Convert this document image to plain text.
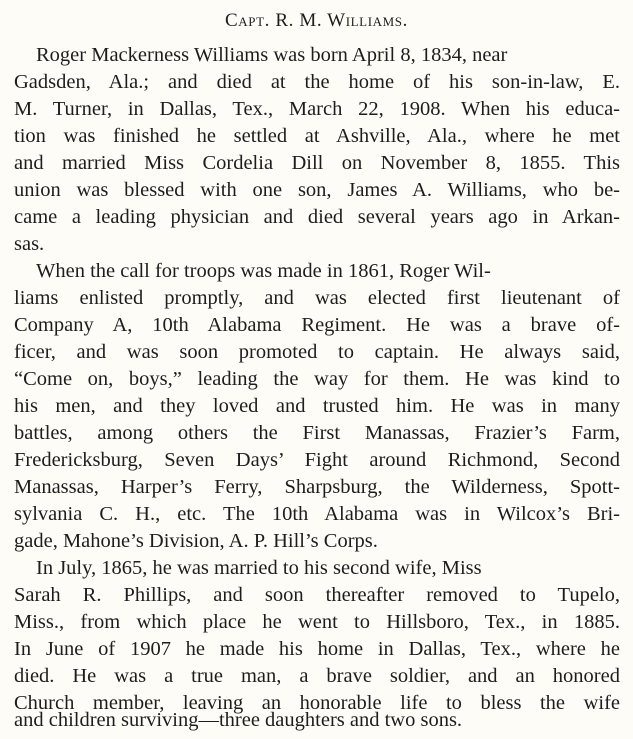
Capt. R. M. Williams.
Roger Mackerness Williams was born April 8, 1834, near
Gadsden, Ala.; and died at the home of his son-in-law, E.
M. Turner, in Dallas, Tex., March 22, 1908. When his educa-
tion was finished he settled at Ashville, Ala., where he met
and married Miss Cordelia Dill on November 8, 1855. This
union was blessed with one son, James A. Williams, who be-
came a leading physician and died several years ago in Arkan-
sas.
When the call for troops was made in 1861, Roger Wil-
liams enlisted promptly, and was elected first lieutenant of
Company A, 10th Alabama Regiment. He was a brave of-
ficer, and was soon promoted to captain. He always said,
“Come on, boys,” leading the way for them. He was kind to
his men, and they loved and trusted him. He was in many
battles, among others the First Manassas, Frazier’s Farm,
Fredericksburg, Seven Days’ Fight around Richmond, Second
Manassas, Harper’s Ferry, Sharpsburg, the Wilderness, Spott-
sylvania C. H., etc. The 10th Alabama was in Wilcox’s Bri-
gade, Mahone’s Division, A. P. Hill’s Corps.
In July, 1865, he was married to his second wife, Miss
Sarah R. Phillips, and soon thereafter removed to Tupelo,
Miss., from which place he went to Hillsboro, Tex., in 1885.
In June of 1907 he made his home in Dallas, Tex., where he
died. He was a true man, a brave soldier, and an honored
Church member, leaving an honorable life to bless the wife
and children surviving—three daughters and two sons.
